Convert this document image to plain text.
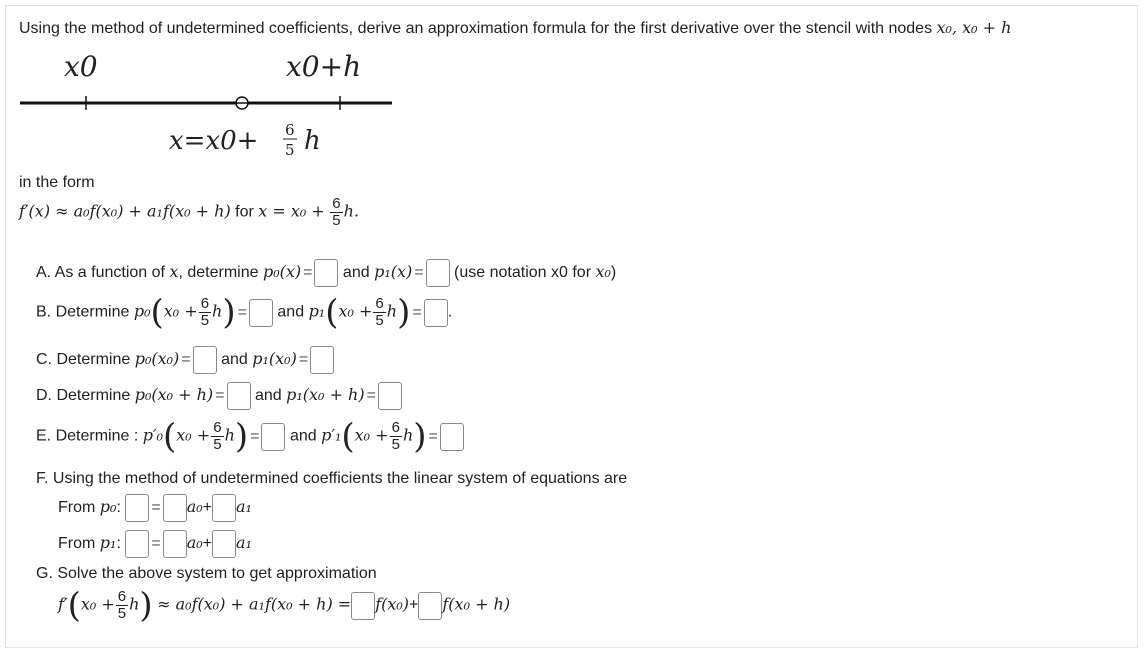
Using the method of undetermined coefficients, derive an approximation formula for the first derivative over the stencil with nodes x₀, x₀ + h
x0	x0+h
x=x0+ 6
5 h
in the form
f′(x) ≈ a₀f(x₀) + a₁f(x₀ + h) for $x = x_0 + \frac{6}{5} h$.
A. As a function of x, determine p₀(x) = and p₁(x) = (use notation x0 for x₀)
B. Determine $p_0(x_0 + \frac{6}{5} h)$ = and $p_1(x_0 + \frac{6}{5} h)$ = .
C. Determine p₀(x₀) = and p₁(x₀) =
D. Determine p₀(x₀ + h) = and p₁(x₀ + h) =
E. Determine : $p'_0(x_0 + \frac{6}{5} h)$ = and $p'_1(x_0 + \frac{6}{5} h)$ =
F. Using the method of undetermined coefficients the linear system of equations are
From p₀: = a₀+ a₁
From p₁: = a₀+ a₁
G. Solve the above system to get approximation
$f'(x_0 + \frac{6}{5} h) \approx a_0f(x_0) + a_1f(x_0 + h) = f(x_0)+ f(x_0 + h)$
